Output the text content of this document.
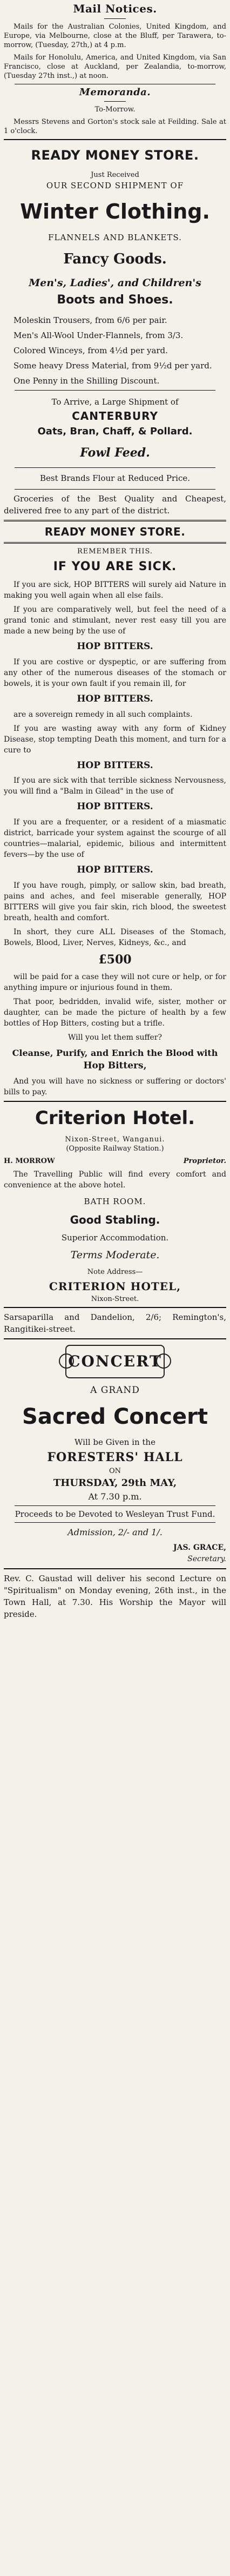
Mail Notices.

Mails for the Australian Colonies, United Kingdom, and Europe, via Melbourne, close at the Bluff, per Tarawera, to-morrow, (Tuesday, 27th,) at 4 p.m.

Mails for Honolulu, America, and United Kingdom, via San Francisco, close at Auckland, per Zealandia, to-morrow, (Tuesday 27th inst.,) at noon.

Memoranda.
To-Morrow.

Messrs Stevens and Gorton's stock sale at Feilding. Sale at 1 o'clock.

READY MONEY STORE.
Just Received
OUR SECOND SHIPMENT OF
Winter Clothing.
FLANNELS AND BLANKETS.
Fancy Goods.
Men's, Ladies', and Children's
Boots and Shoes.

Moleskin Trousers, from 6/6 per pair.

Men's All-Wool Under-Flannels, from 3/3.

Colored Winceys, from 4½d per yard.

Some heavy Dress Material, from 9½d per yard.

One Penny in the Shilling Discount.

To Arrive, a Large Shipment of
CANTERBURY
Oats, Bran, Chaff, & Pollard.
Fowl Feed.
Best Brands Flour at Reduced Price.

Groceries of the Best Quality and Cheapest, delivered free to any part of the district.

READY MONEY STORE.
REMEMBER THIS.
IF YOU ARE SICK.

If you are sick, HOP BITTERS will surely aid Nature in making you well again when all else fails.

If you are comparatively well, but feel the need of a grand tonic and stimulant, never rest easy till you are made a new being by the use of

HOP BITTERS.

If you are costive or dyspeptic, or are suffering from any other of the numerous diseases of the stomach or bowels, it is your own fault if you remain ill, for

HOP BITTERS.

are a sovereign remedy in all such complaints.

If you are wasting away with any form of Kidney Disease, stop tempting Death this moment, and turn for a cure to

HOP BITTERS.

If you are sick with that terrible sickness Nervousness, you will find a "Balm in Gilead" in the use of

HOP BITTERS.

If you are a frequenter, or a resident of a miasmatic district, barricade your system against the scourge of all countries—malarial, epidemic, bilious and intermittent fevers—by the use of

HOP BITTERS.

If you have rough, pimply, or sallow skin, bad breath, pains and aches, and feel miserable generally, HOP BITTERS will give you fair skin, rich blood, the sweetest breath, health and comfort.

In short, they cure ALL Diseases of the Stomach, Bowels, Blood, Liver, Nerves, Kidneys, &c., and

£500

will be paid for a case they will not cure or help, or for anything impure or injurious found in them.

That poor, bedridden, invalid wife, sister, mother or daughter, can be made the picture of health by a few bottles of Hop Bitters, costing but a trifle.

Will you let them suffer?
Cleanse, Purify, and Enrich the Blood with
Hop Bitters,

And you will have no sickness or suffering or doctors' bills to pay.

Criterion Hotel.
Nixon-Street, Wanganui.
(Opposite Railway Station.)
H. MORROW	Proprietor.

The Travelling Public will find every comfort and convenience at the above hotel.

BATH ROOM.
Good Stabling.
Superior Accommodation.
Terms Moderate.
Note Address—
CRITERION HOTEL,
Nixon-Street.

Sarsaparilla and Dandelion, 2/6; Remington's, Rangitikei-street.

CONCERT
A GRAND
Sacred Concert
Will be Given in the
FORESTERS' HALL
ON
THURSDAY, 29th MAY,
At 7.30 p.m.
Proceeds to be Devoted to Wesleyan Trust Fund.
Admission, 2/- and 1/.
JAS. GRACE,
Secretary.

Rev. C. Gaustad will deliver his second Lecture on "Spiritualism" on Monday evening, 26th inst., in the Town Hall, at 7.30. His Worship the Mayor will preside.
